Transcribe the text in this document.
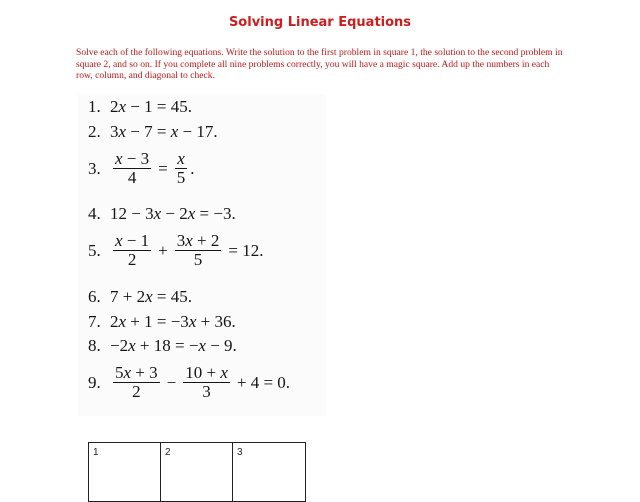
Solving Linear Equations
Solve each of the following equations. Write the solution to the first problem in square 1, the solution to the second problem in square 2, and so on. If you complete all nine problems correctly, you will have a magic square. Add up the numbers in each row, column, and diagonal to check.
1. 2x − 1
= 45.
2. 3x − 7
= x − 17.
3. $\frac{x - 3}{4} = \frac{x}{5}$ .
4. 12 − 3x − 2x = −3.
5. $\frac{x - 1}{2} + \frac{3x + 2}{5} = 12$.
6. 7 + 2x = 45.
7. 2x + 1 = −3x + 36.
8. −2x + 18 = −x − 9.
9. $\frac{5x + 3}{2} - \frac{10 + x}{3} + 4 = 0$.
1	2	3
